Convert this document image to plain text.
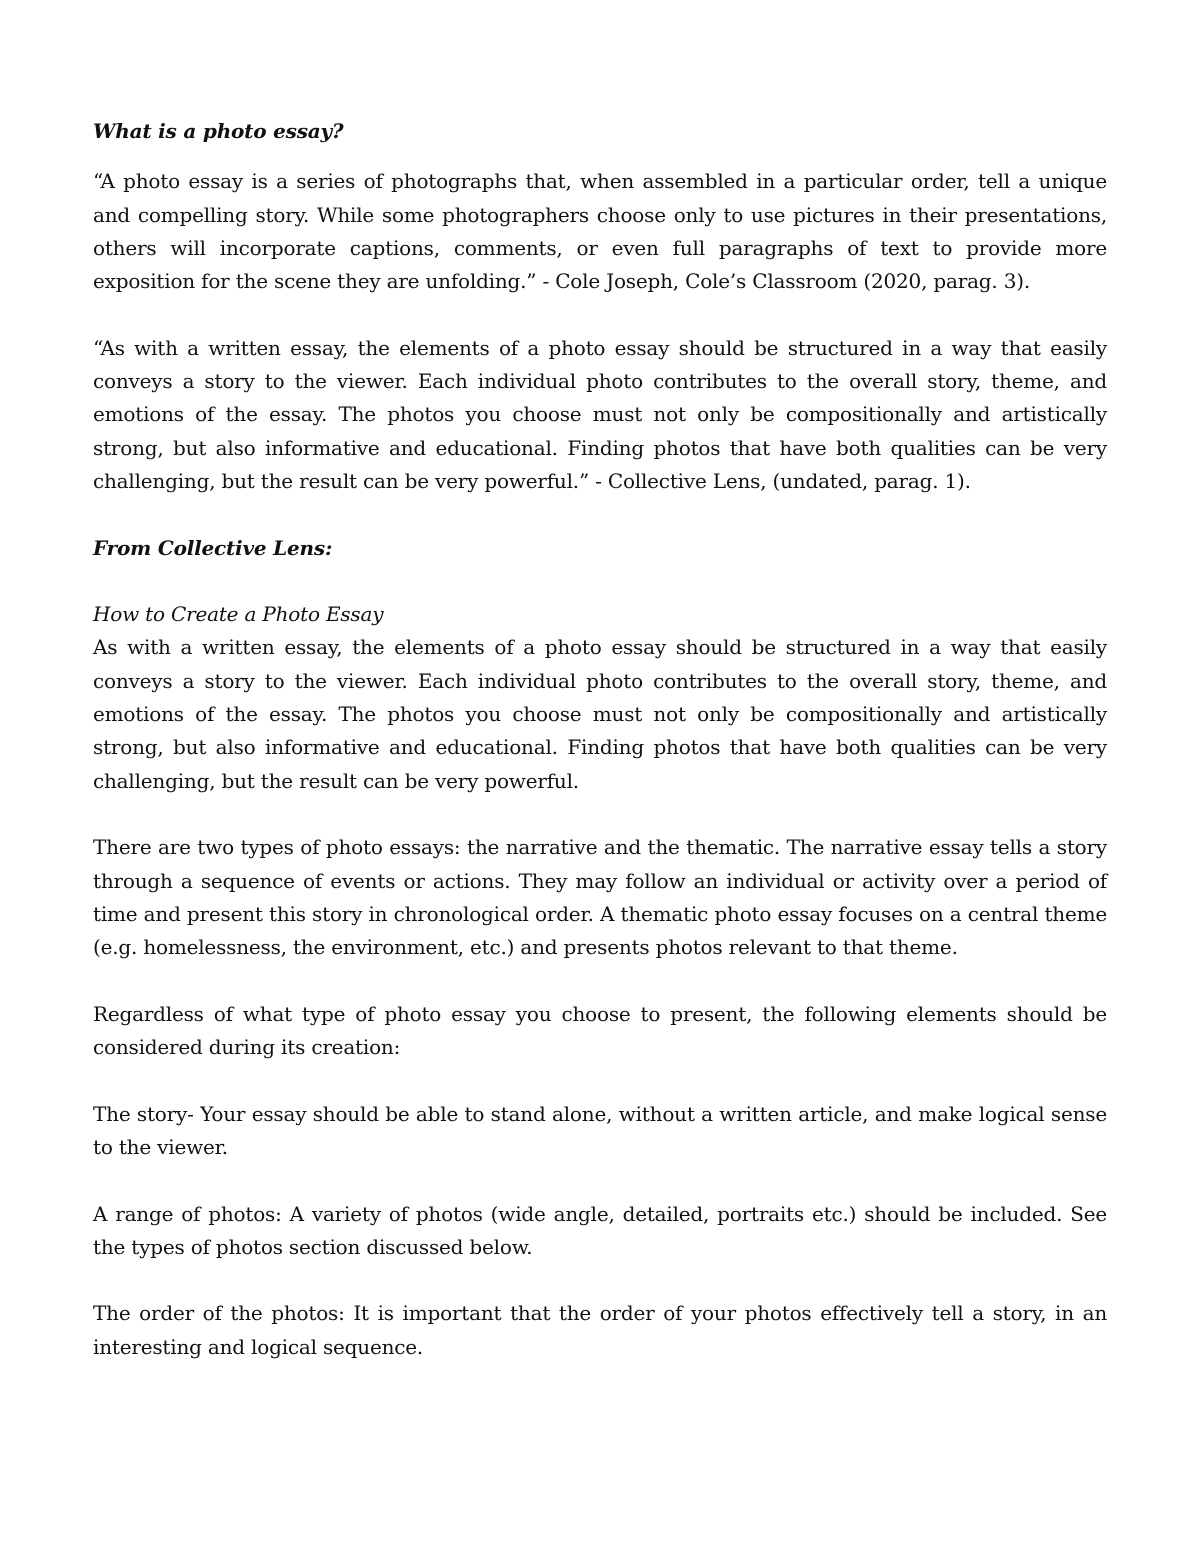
What is a photo essay?

“A photo essay is a series of photographs that, when assembled in a particular order, tell a unique and compelling story. While some photographers choose only to use pictures in their presentations, others will incorporate captions, comments, or even full paragraphs of text to provide more exposition for the scene they are unfolding.” - Cole Joseph, Cole’s Classroom (2020, parag. 3).

“As with a written essay, the elements of a photo essay should be structured in a way that easily conveys a story to the viewer. Each individual photo contributes to the overall story, theme, and emotions of the essay. The photos you choose must not only be compositionally and artistically strong, but also informative and educational. Finding photos that have both qualities can be very challenging, but the result can be very powerful.” - Collective Lens, (undated, parag. 1).

From Collective Lens:

How to Create a Photo Essay

As with a written essay, the elements of a photo essay should be structured in a way that easily conveys a story to the viewer. Each individual photo contributes to the overall story, theme, and emotions of the essay. The photos you choose must not only be compositionally and artistically strong, but also informative and educational. Finding photos that have both qualities can be very challenging, but the result can be very powerful.

There are two types of photo essays: the narrative and the thematic. The narrative essay tells a story through a sequence of events or actions. They may follow an individual or activity over a period of time and present this story in chronological order. A thematic photo essay focuses on a central theme (e.g. homelessness, the environment, etc.) and presents photos relevant to that theme.

Regardless of what type of photo essay you choose to present, the following elements should be considered during its creation:

The story- Your essay should be able to stand alone, without a written article, and make logical sense to the viewer.

A range of photos: A variety of photos (wide angle, detailed, portraits etc.) should be included. See the types of photos section discussed below.

The order of the photos: It is important that the order of your photos effectively tell a story, in an interesting and logical sequence.
